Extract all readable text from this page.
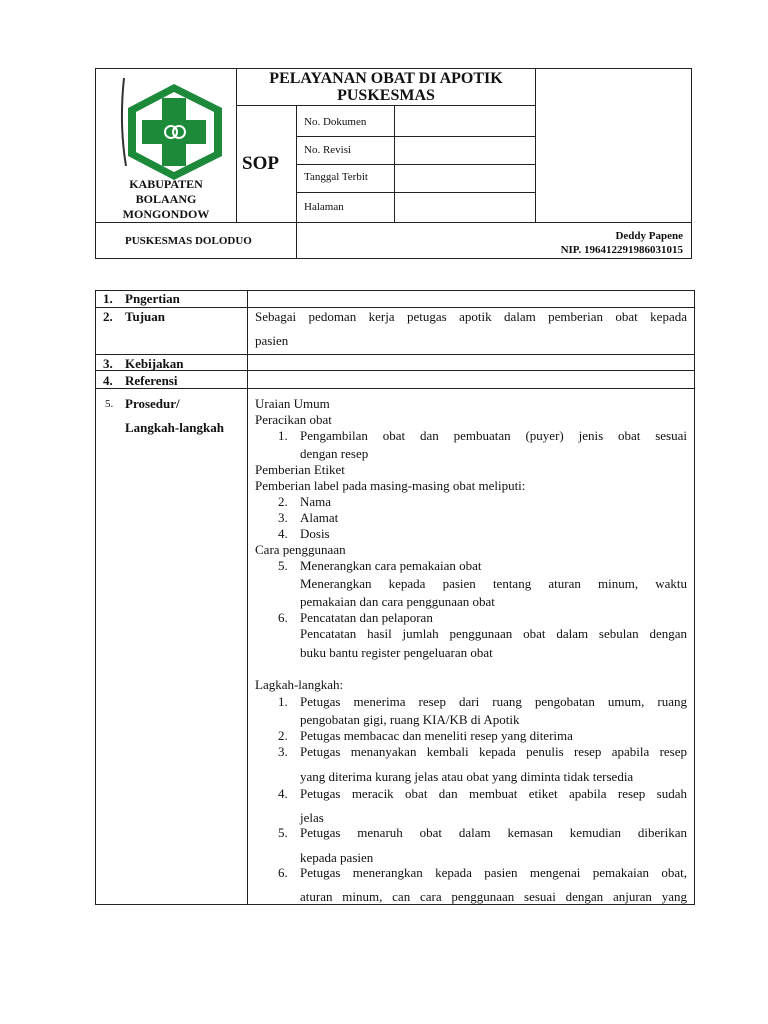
KABUPATEN
BOLAANG
MONGONDOW
PELAYANAN OBAT DI APOTIK
PUSKESMAS
SOP
No. Dokumen
No. Revisi
Tanggal Terbit
Halaman
PUSKESMAS DOLODUO	Deddy Papene
NIP. 196412291986031015
1. Pngertian
2. Tujuan
3. Kebijakan
4. Referensi
5. Prosedur/
Langkah-langkah
Sebagai pedoman kerja petugas apotik dalam pemberian obat kepada
pasien
Uraian Umum
Peracikan obat
1. Pengambilan obat dan pembuatan (puyer) jenis obat sesuai
dengan resep
Pemberian Etiket
Pemberian label pada masing-masing obat meliputi:
2. Nama
3. Alamat
4. Dosis
Cara penggunaan
5. Menerangkan cara pemakaian obat
Menerangkan kepada pasien tentang aturan minum, waktu
pemakaian dan cara penggunaan obat
6. Pencatatan dan pelaporan
Pencatatan hasil jumlah penggunaan obat dalam sebulan dengan
buku bantu register pengeluaran obat
Lagkah-langkah:
1. Petugas menerima resep dari ruang pengobatan umum, ruang
pengobatan gigi, ruang KIA/KB di Apotik
2. Petugas membacac dan meneliti resep yang diterima
3. Petugas menanyakan kembali kepada penulis resep apabila resep
yang diterima kurang jelas atau obat yang diminta tidak tersedia
4. Petugas meracik obat dan membuat etiket apabila resep sudah
jelas
5. Petugas menaruh obat dalam kemasan kemudian diberikan
kepada pasien
6. Petugas menerangkan kepada pasien mengenai pemakaian obat,
aturan minum, can cara penggunaan sesuai dengan anjuran yang
